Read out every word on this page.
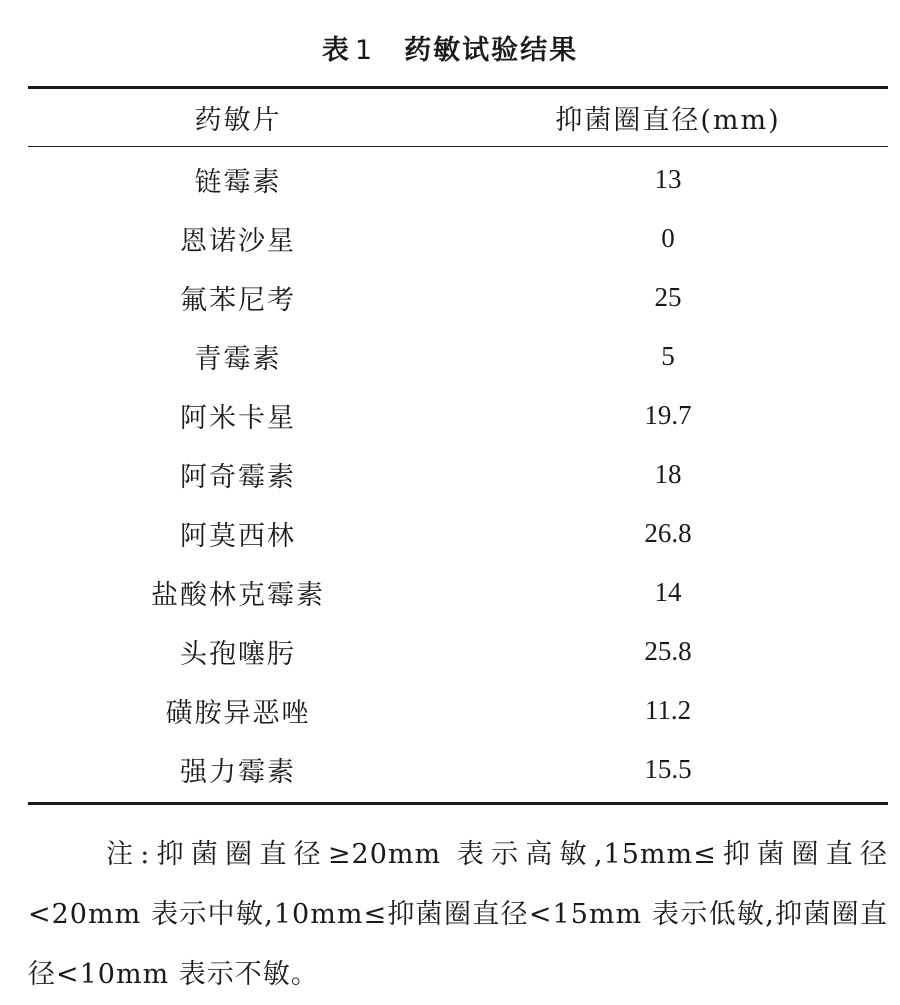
表 1 药敏试验结果
药敏片	抑菌圈直径(mm)
链霉素	13
恩诺沙星	0
氟苯尼考	25
青霉素	5
阿米卡星	19.7
阿奇霉素	18
阿莫西林	26.8
盐酸林克霉素	14
头孢噻肟	25.8
磺胺异恶唑	11.2
强力霉素	15.5
注:抑菌圈直径≥20mm 表示高敏,15mm≤抑菌圈直径<20mm 表示中敏,10mm≤抑菌圈直径<15mm 表示低敏,抑菌圈直径<10mm 表示不敏。
